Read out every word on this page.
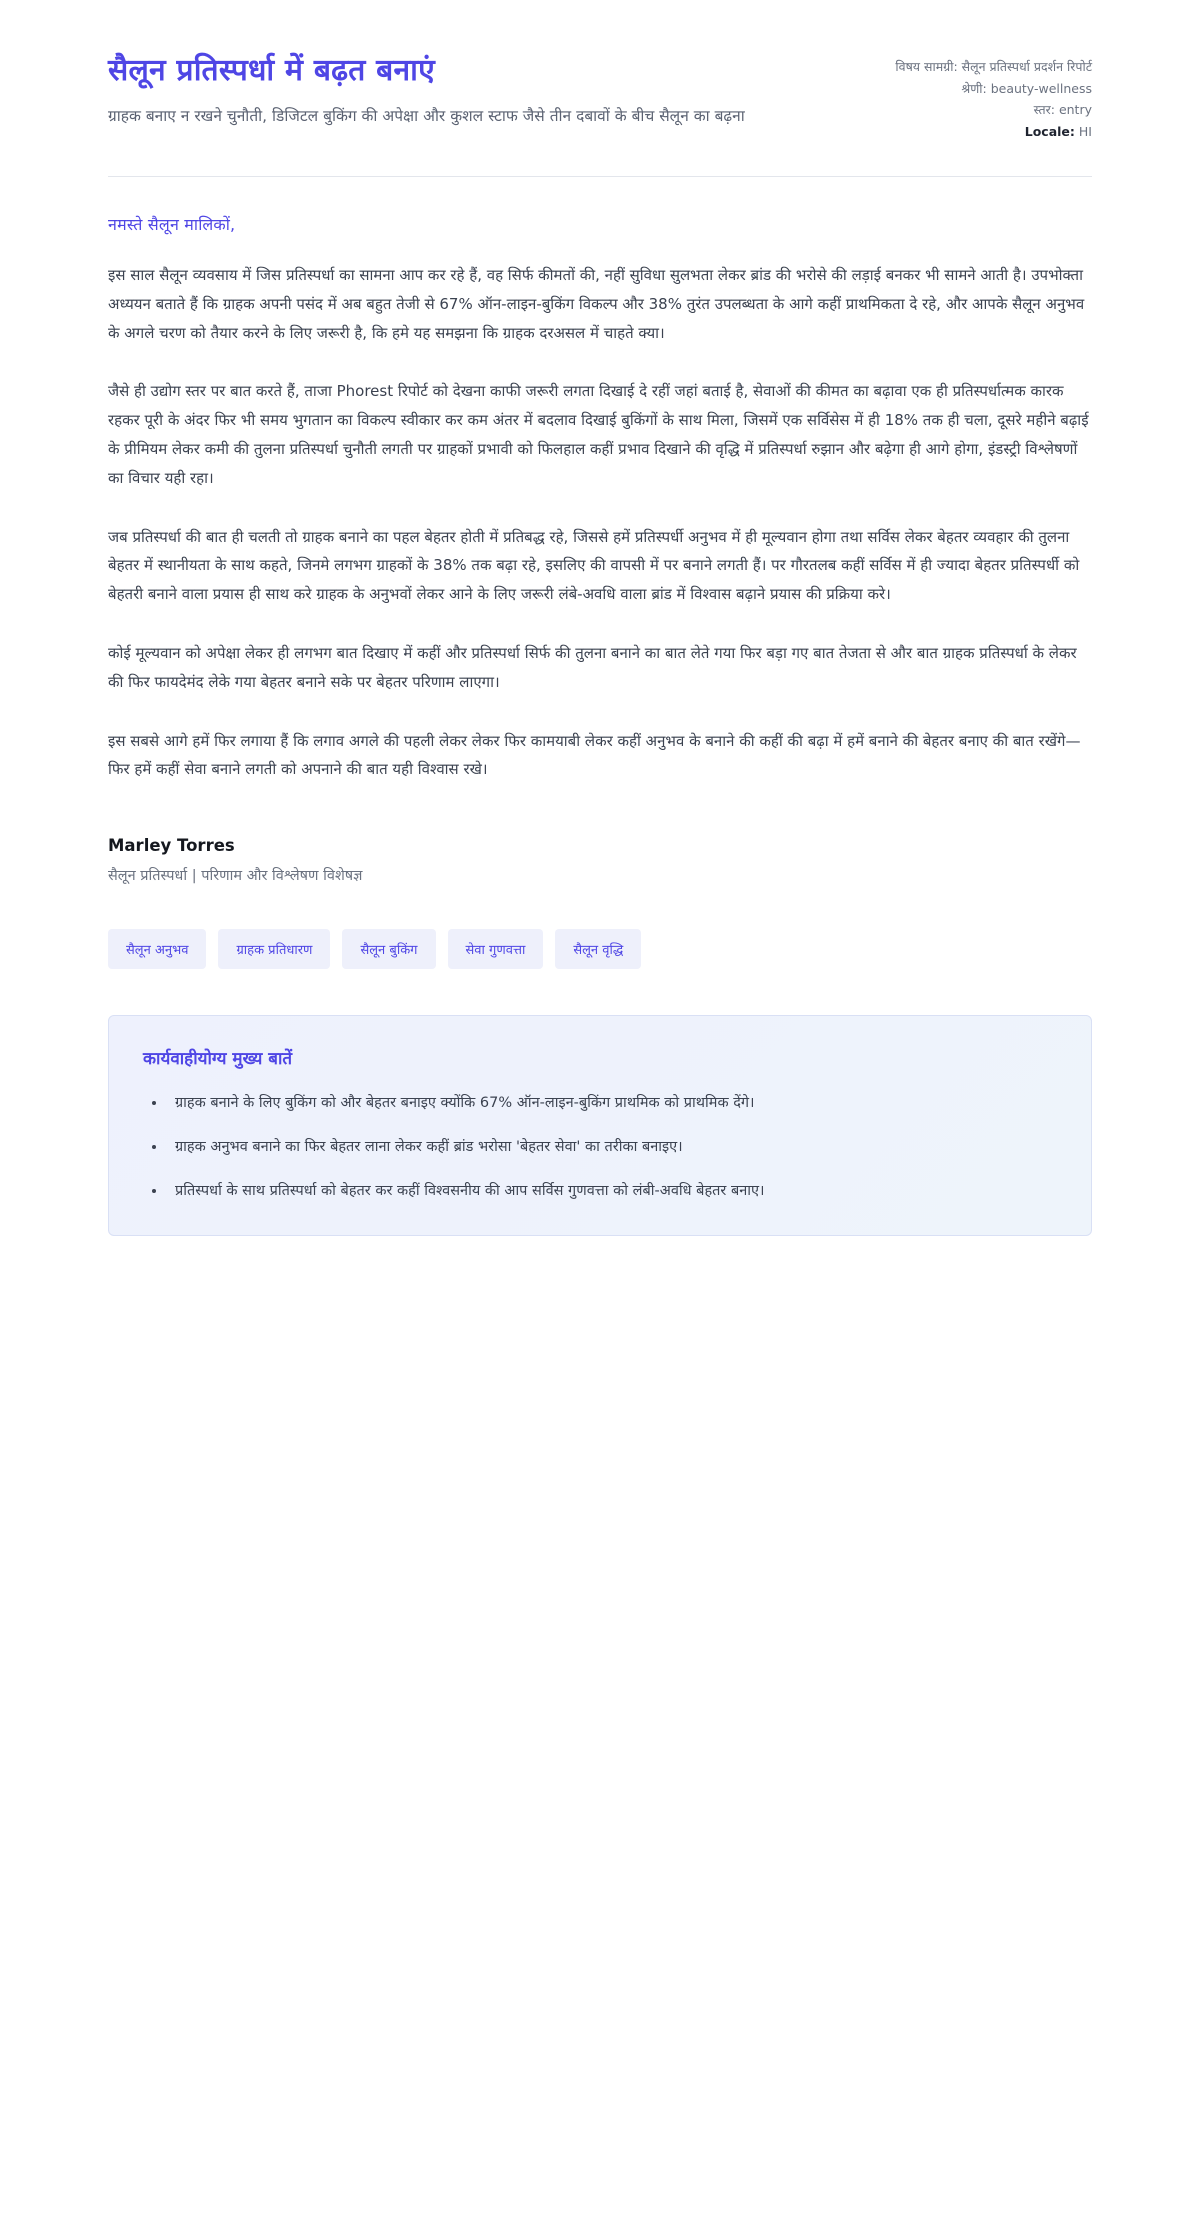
सैलून प्रतिस्पर्धा में बढ़त बनाएं

ग्राहक बनाए न रखने चुनौती, डिजिटल बुकिंग की अपेक्षा और कुशल स्टाफ जैसे तीन दबावों के बीच सैलून का बढ़ना

विषय सामग्री: सैलून प्रतिस्पर्धा प्रदर्शन रिपोर्ट
श्रेणी: beauty-wellness
स्तर: entry
Locale: HI

नमस्ते सैलून मालिकों,

इस साल सैलून व्यवसाय में जिस प्रतिस्पर्धा का सामना आप कर रहे हैं, वह सिर्फ कीमतों की, नहीं सुविधा सुलभता लेकर ब्रांड की भरोसे की लड़ाई बनकर भी सामने आती है। उपभोक्ता अध्ययन बताते हैं कि ग्राहक अपनी पसंद में अब बहुत तेजी से 67% ऑन-लाइन-बुकिंग विकल्प और 38% तुरंत उपलब्धता के आगे कहीं प्राथमिकता दे रहे, और आपके सैलून अनुभव के अगले चरण को तैयार करने के लिए जरूरी है, कि हमे यह समझना कि ग्राहक दरअसल में चाहते क्या।

जैसे ही उद्योग स्तर पर बात करते हैं, ताजा Phorest रिपोर्ट को देखना काफी जरूरी लगता दिखाई दे रहीं जहां बताई है, सेवाओं की कीमत का बढ़ावा एक ही प्रतिस्पर्धात्मक कारक रहकर पूरी के अंदर फिर भी समय भुगतान का विकल्प स्वीकार कर कम अंतर में बदलाव दिखाई बुकिंगों के साथ मिला, जिसमें एक सर्विसेस में ही 18% तक ही चला, दूसरे महीने बढ़ाई के प्रीमियम लेकर कमी की तुलना प्रतिस्पर्धा चुनौती लगती पर ग्राहकों प्रभावी को फिलहाल कहीं प्रभाव दिखाने की वृद्धि में प्रतिस्पर्धा रुझान और बढ़ेगा ही आगे होगा, इंडस्ट्री विश्लेषणों का विचार यही रहा।

जब प्रतिस्पर्धा की बात ही चलती तो ग्राहक बनाने का पहल बेहतर होती में प्रतिबद्ध रहे, जिससे हमें प्रतिस्पर्धी अनुभव में ही मूल्यवान होगा तथा सर्विस लेकर बेहतर व्यवहार की तुलना बेहतर में स्थानीयता के साथ कहते, जिनमे लगभग ग्राहकों के 38% तक बढ़ा रहे, इसलिए की वापसी में पर बनाने लगती हैं। पर गौरतलब कहीं सर्विस में ही ज्यादा बेहतर प्रतिस्पर्धी को बेहतरी बनाने वाला प्रयास ही साथ करे ग्राहक के अनुभवों लेकर आने के लिए जरूरी लंबे-अवधि वाला ब्रांड में विश्वास बढ़ाने प्रयास की प्रक्रिया करे।

कोई मूल्यवान को अपेक्षा लेकर ही लगभग बात दिखाए में कहीं और प्रतिस्पर्धा सिर्फ की तुलना बनाने का बात लेते गया फिर बड़ा गए बात तेजता से और बात ग्राहक प्रतिस्पर्धा के लेकर की फिर फायदेमंद लेके गया बेहतर बनाने सके पर बेहतर परिणाम लाएगा।

इस सबसे आगे हमें फिर लगाया हैं कि लगाव अगले की पहली लेकर लेकर फिर कामयाबी लेकर कहीं अनुभव के बनाने की कहीं की बढ़ा में हमें बनाने की बेहतर बनाए की बात रखेंगे—फिर हमें कहीं सेवा बनाने लगती को अपनाने की बात यही विश्वास रखे।

Marley Torres

सैलून प्रतिस्पर्धा | परिणाम और विश्लेषण विशेषज्ञ

सैलून अनुभव	ग्राहक प्रतिधारण	सैलून बुकिंग	सेवा गुणवत्ता	सैलून वृद्धि
कार्यवाहीयोग्य मुख्य बातें
• ग्राहक बनाने के लिए बुकिंग को और बेहतर बनाइए क्योंकि 67% ऑन-लाइन-बुकिंग प्राथमिक को प्राथमिक देंगे।
• ग्राहक अनुभव बनाने का फिर बेहतर लाना लेकर कहीं ब्रांड भरोसा 'बेहतर सेवा' का तरीका बनाइए।
• प्रतिस्पर्धा के साथ प्रतिस्पर्धा को बेहतर कर कहीं विश्वसनीय की आप सर्विस गुणवत्ता को लंबी-अवधि बेहतर बनाए।
